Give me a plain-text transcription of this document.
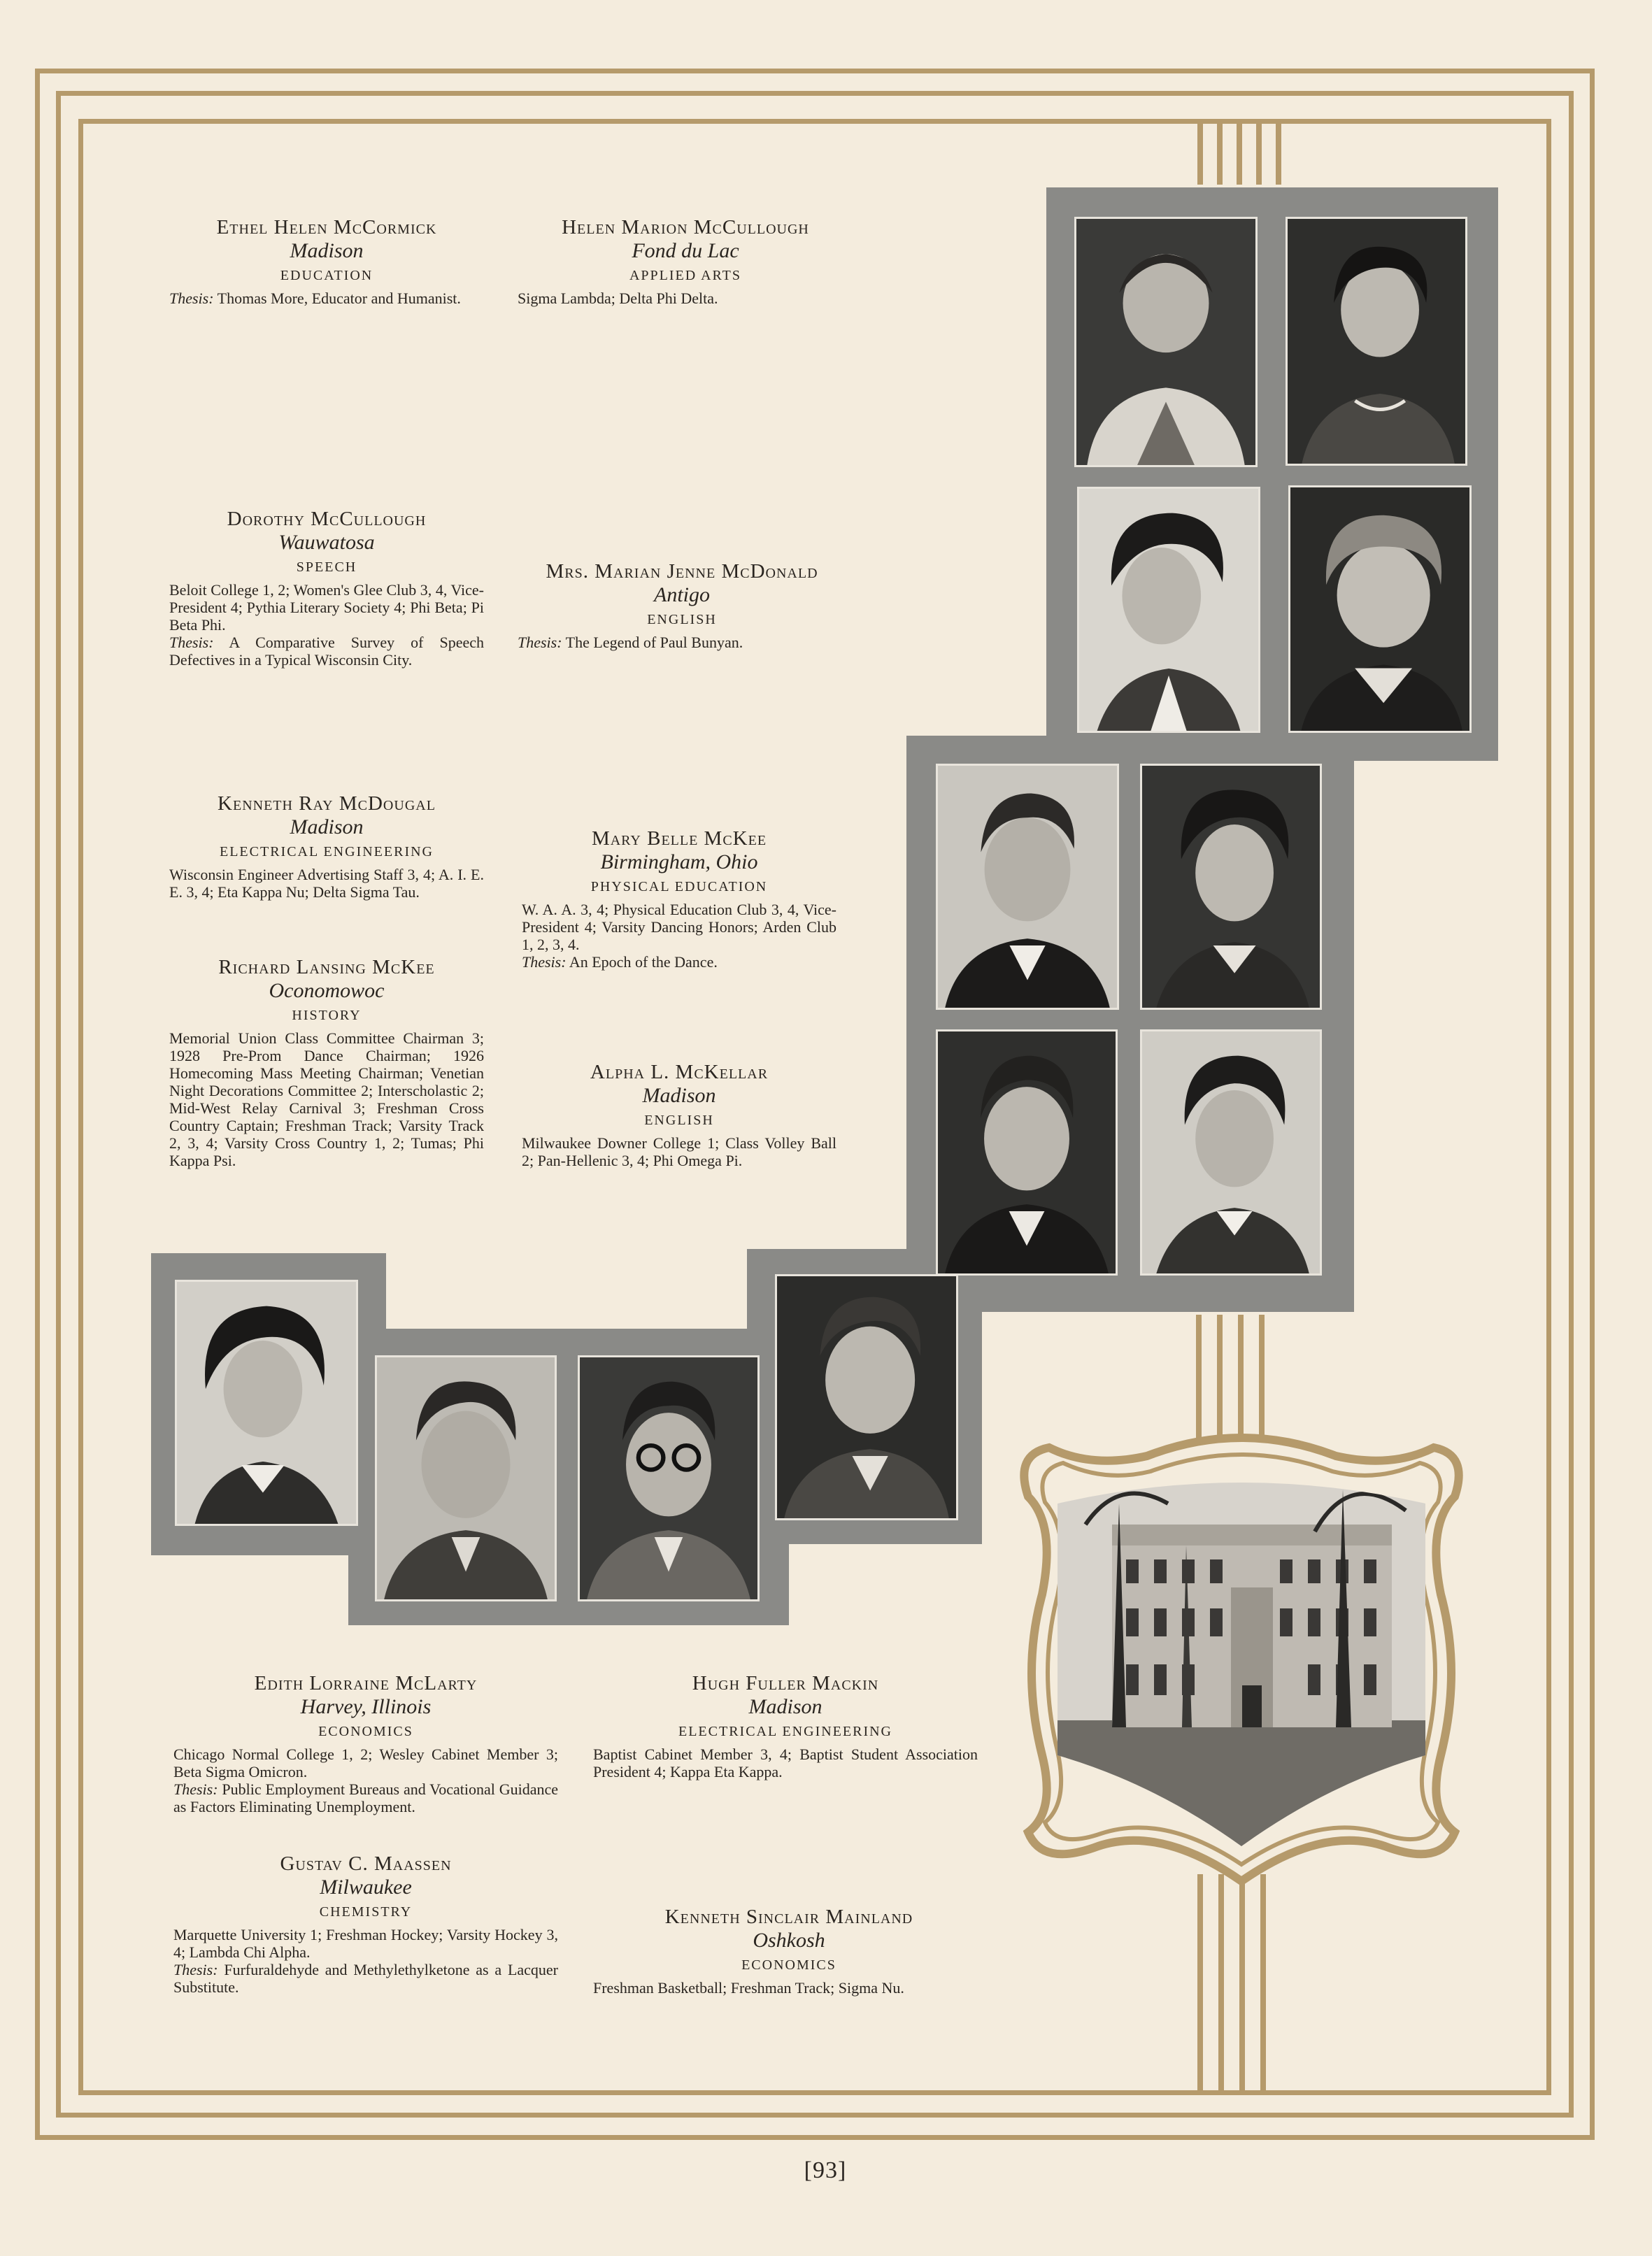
Ethel Helen McCormick

Madison

EDUCATION

Thesis: Thomas More, Educator and Humanist.

Helen Marion McCullough

Fond du Lac

APPLIED ARTS

Sigma Lambda; Delta Phi Delta.

Dorothy McCullough

Wauwatosa

SPEECH

Beloit College 1, 2; Women's Glee Club 3, 4, Vice-President 4; Pythia Literary Society 4; Phi Beta; Pi Beta Phi.

Thesis: A Comparative Survey of Speech Defectives in a Typical Wisconsin City.

Mrs. Marian Jenne McDonald

Antigo

ENGLISH

Thesis: The Legend of Paul Bunyan.

Kenneth Ray McDougal

Madison

ELECTRICAL ENGINEERING

Wisconsin Engineer Advertising Staff 3, 4; A. I. E. E. 3, 4; Eta Kappa Nu; Delta Sigma Tau.

Mary Belle McKee

Birmingham, Ohio

PHYSICAL EDUCATION

W. A. A. 3, 4; Physical Education Club 3, 4, Vice-President 4; Varsity Dancing Honors; Arden Club 1, 2, 3, 4.

Thesis: An Epoch of the Dance.

Richard Lansing McKee

Oconomowoc

HISTORY

Memorial Union Class Committee Chairman 3; 1928 Pre-Prom Dance Chairman; 1926 Homecoming Mass Meeting Chairman; Venetian Night Decorations Committee 2; Interscholastic 2; Mid-West Relay Carnival 3; Freshman Cross Country Captain; Freshman Track; Varsity Track 2, 3, 4; Varsity Cross Country 1, 2; Tumas; Phi Kappa Psi.

Alpha L. McKellar

Madison

ENGLISH

Milwaukee Downer College 1; Class Volley Ball 2; Pan-Hellenic 3, 4; Phi Omega Pi.

Edith Lorraine McLarty

Harvey, Illinois

ECONOMICS

Chicago Normal College 1, 2; Wesley Cabinet Member 3; Beta Sigma Omicron.

Thesis: Public Employment Bureaus and Vocational Guidance as Factors Eliminating Unemployment.

Hugh Fuller Mackin

Madison

ELECTRICAL ENGINEERING

Baptist Cabinet Member 3, 4; Baptist Student Association President 4; Kappa Eta Kappa.

Gustav C. Maassen

Milwaukee

CHEMISTRY

Marquette University 1; Freshman Hockey; Varsity Hockey 3, 4; Lambda Chi Alpha.

Thesis: Furfuraldehyde and Methylethylketone as a Lacquer Substitute.

Kenneth Sinclair Mainland

Oshkosh

ECONOMICS

Freshman Basketball; Freshman Track; Sigma Nu.

[93]
